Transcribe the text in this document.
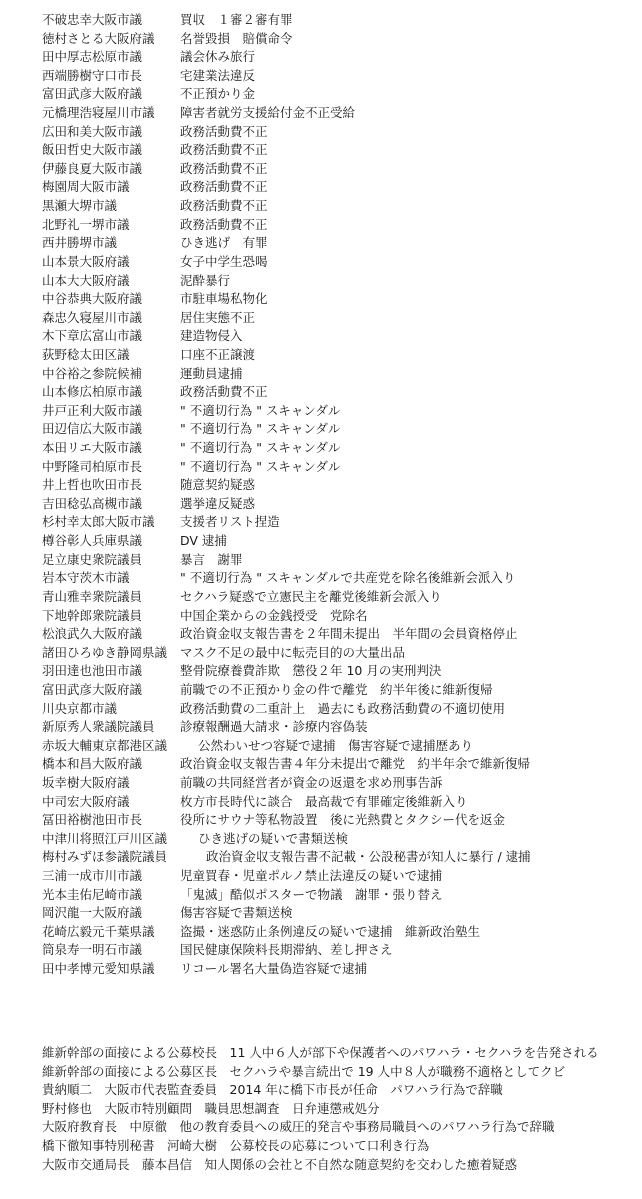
不破忠幸大阪市議	買収　１審２審有罪
徳村さとる大阪府議	名誉毀損　賠償命令
田中厚志松原市議	議会休み旅行
西端勝樹守口市長	宅建業法違反
富田武彦大阪府議	不正預かり金
元橋理浩寝屋川市議	障害者就労支援給付金不正受給
広田和美大阪市議	政務活動費不正
飯田哲史大阪市議	政務活動費不正
伊藤良夏大阪市議	政務活動費不正
梅園周大阪市議	政務活動費不正
黒瀬大堺市議	政務活動費不正
北野礼一堺市議	政務活動費不正
西井勝堺市議	ひき逃げ　有罪
山本景大阪府議	女子中学生恐喝
山本大大阪府議	泥酔暴行
中谷恭典大阪府議	市駐車場私物化
森忠久寝屋川市議	居住実態不正
木下章広富山市議	建造物侵入
荻野稔太田区議	口座不正譲渡
中谷裕之参院候補	運動員逮捕
山本修広柏原市議	政務活動費不正
井戸正利大阪市議	" 不適切行為 " スキャンダル
田辺信広大阪市議	" 不適切行為 " スキャンダル
本田リエ大阪市議	" 不適切行為 " スキャンダル
中野隆司柏原市長	" 不適切行為 " スキャンダル
井上哲也吹田市長	随意契約疑惑
吉田稔弘高槻市議	選挙違反疑惑
杉村幸太郎大阪市議	支援者リスト捏造
樽谷彰人兵庫県議	DV 逮捕
足立康史衆院議員	暴言　謝罪
岩本守茨木市議	" 不適切行為 " スキャンダルで共産党を除名後維新会派入り
青山雅幸衆院議員	セクハラ疑惑で立憲民主を離党後維新会派入り
下地幹郎衆院議員	中国企業からの金銭授受　党除名
松浪武久大阪府議	政治資金収支報告書を２年間未提出　半年間の会員資格停止
諸田ひろゆき静岡県議	マスク不足の最中に転売目的の大量出品
羽田達也池田市議	整骨院療養費詐欺　懲役２年 10 月の実刑判決
富田武彦大阪府議	前職での不正預かり金の件で離党　約半年後に維新復帰
川央京都市議	政務活動費の二重計上　過去にも政務活動費の不適切使用
新原秀人衆議院議員	診療報酬過大請求・診療内容偽装
赤坂大輔東京都港区議	公然わいせつ容疑で逮捕　傷害容疑で逮捕歴あり
橋本和昌大阪府議	政治資金収支報告書４年分未提出で離党　約半年余で維新復帰
坂幸樹大阪府議	前職の共同経営者が資金の返還を求め刑事告訴
中司宏大阪府議	枚方市長時代に談合　最高裁で有罪確定後維新入り
冨田裕樹池田市長	役所にサウナ等私物設置　後に光熱費とタクシー代を返金
中津川将照江戸川区議	ひき逃げの疑いで書類送検
梅村みずほ参議院議員	政治資金収支報告書不記載・公設秘書が知人に暴行 / 逮捕
三浦一成市川市議	児童買春・児童ポルノ禁止法違反の疑いで逮捕
光本圭佑尼崎市議	「鬼滅」酷似ポスターで物議　謝罪・張り替え
岡沢龍一大阪府議	傷害容疑で書類送検
花崎広毅元千葉県議	盗撮・迷惑防止条例違反の疑いで逮捕　維新政治塾生
筒泉寿一明石市議	国民健康保険料長期滞納、差し押さえ
田中孝博元愛知県議	リコール署名大量偽造容疑で逮捕
維新幹部の面接による公募校長　11 人中６人が部下や保護者へのパワハラ・セクハラを告発される
維新幹部の面接による公募区長　セクハラや暴言続出で 19 人中８人が職務不適格としてクビ
貴納順二　大阪市代表監査委員　2014 年に橋下市長が任命　パワハラ行為で辞職
野村修也　大阪市特別顧問　職員思想調査　日弁連懲戒処分
大阪府教育長　中原徹　他の教育委員への威圧的発言や事務局職員へのパワハラ行為で辞職
橋下徹知事特別秘書　河崎大樹　公募校長の応募について口利き行為
大阪市交通局長　藤本昌信　知人関係の会社と不自然な随意契約を交わした癒着疑惑
